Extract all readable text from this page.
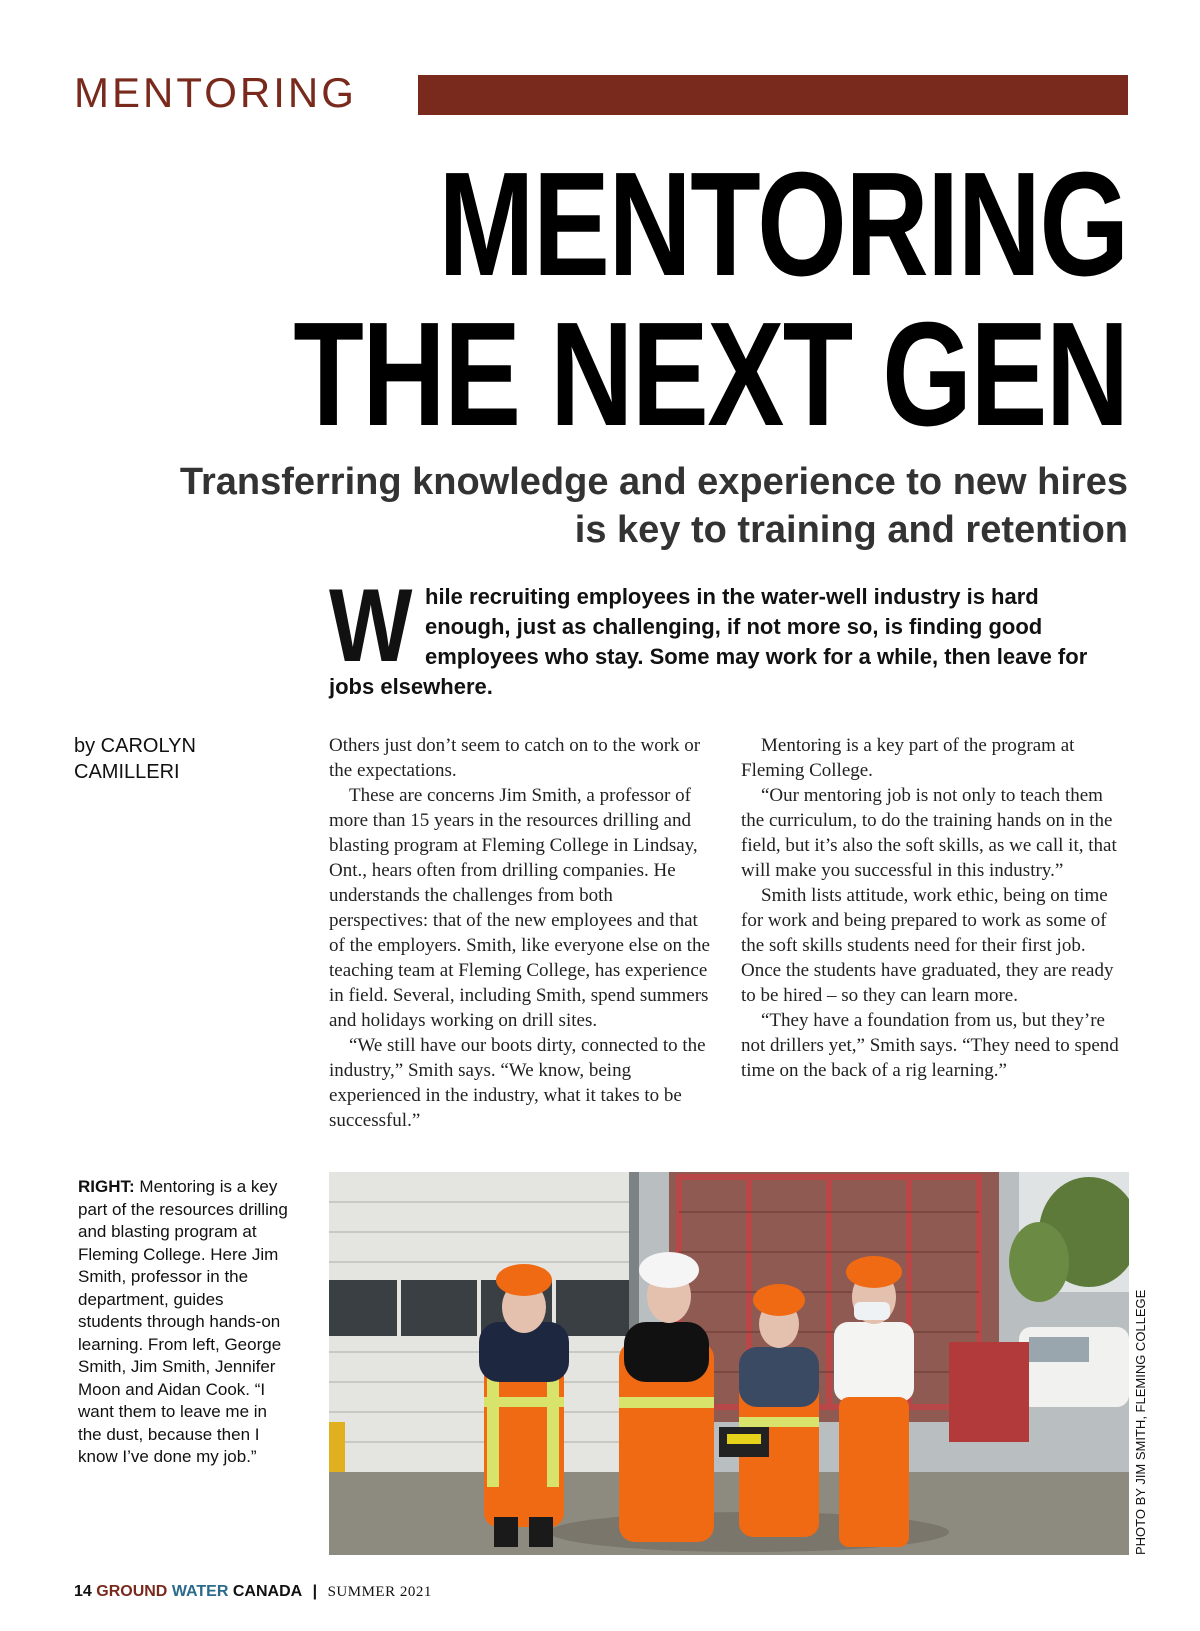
MENTORING
MENTORING
THE NEXT GEN
Transferring knowledge and experience to new hires
is key to training and retention
While recruiting employees in the water-well industry is hard enough, just as challenging, if not more so, is finding good employees who stay. Some may work for a while, then leave for jobs elsewhere.
by CAROLYN
CAMILLERI

Others just don’t seem to catch on to the work or the expectations.

These are concerns Jim Smith, a professor of more than 15 years in the resources drilling and blasting program at Fleming College in Lindsay, Ont., hears often from drilling companies. He understands the challenges from both perspectives: that of the new employees and that of the employers. Smith, like everyone else on the teaching team at Fleming College, has experience in field. Several, including Smith, spend summers and holidays working on drill sites.

“We still have our boots dirty, connected to the industry,” Smith says. “We know, being experienced in the industry, what it takes to be successful.”

Mentoring is a key part of the program at Fleming College.

“Our mentoring job is not only to teach them the curriculum, to do the training hands on in the field, but it’s also the soft skills, as we call it, that will make you successful in this industry.”

Smith lists attitude, work ethic, being on time for work and being prepared to work as some of the soft skills students need for their first job. Once the students have graduated, they are ready to be hired – so they can learn more.

“They have a foundation from us, but they’re not drillers yet,” Smith says. “They need to spend time on the back of a rig learning.”

RIGHT: Mentoring is a key part of the resources drilling and blasting program at Fleming College. Here Jim Smith, professor in the department, guides students through hands-on learning. From left, George Smith, Jim Smith, Jennifer Moon and Aidan Cook. “I want them to leave me in the dust, because then I know I’ve done my job.”	PHOTO BY JIM SMITH, FLEMING COLLEGE
14 GROUND WATER CANADA | SUMMER 2021
